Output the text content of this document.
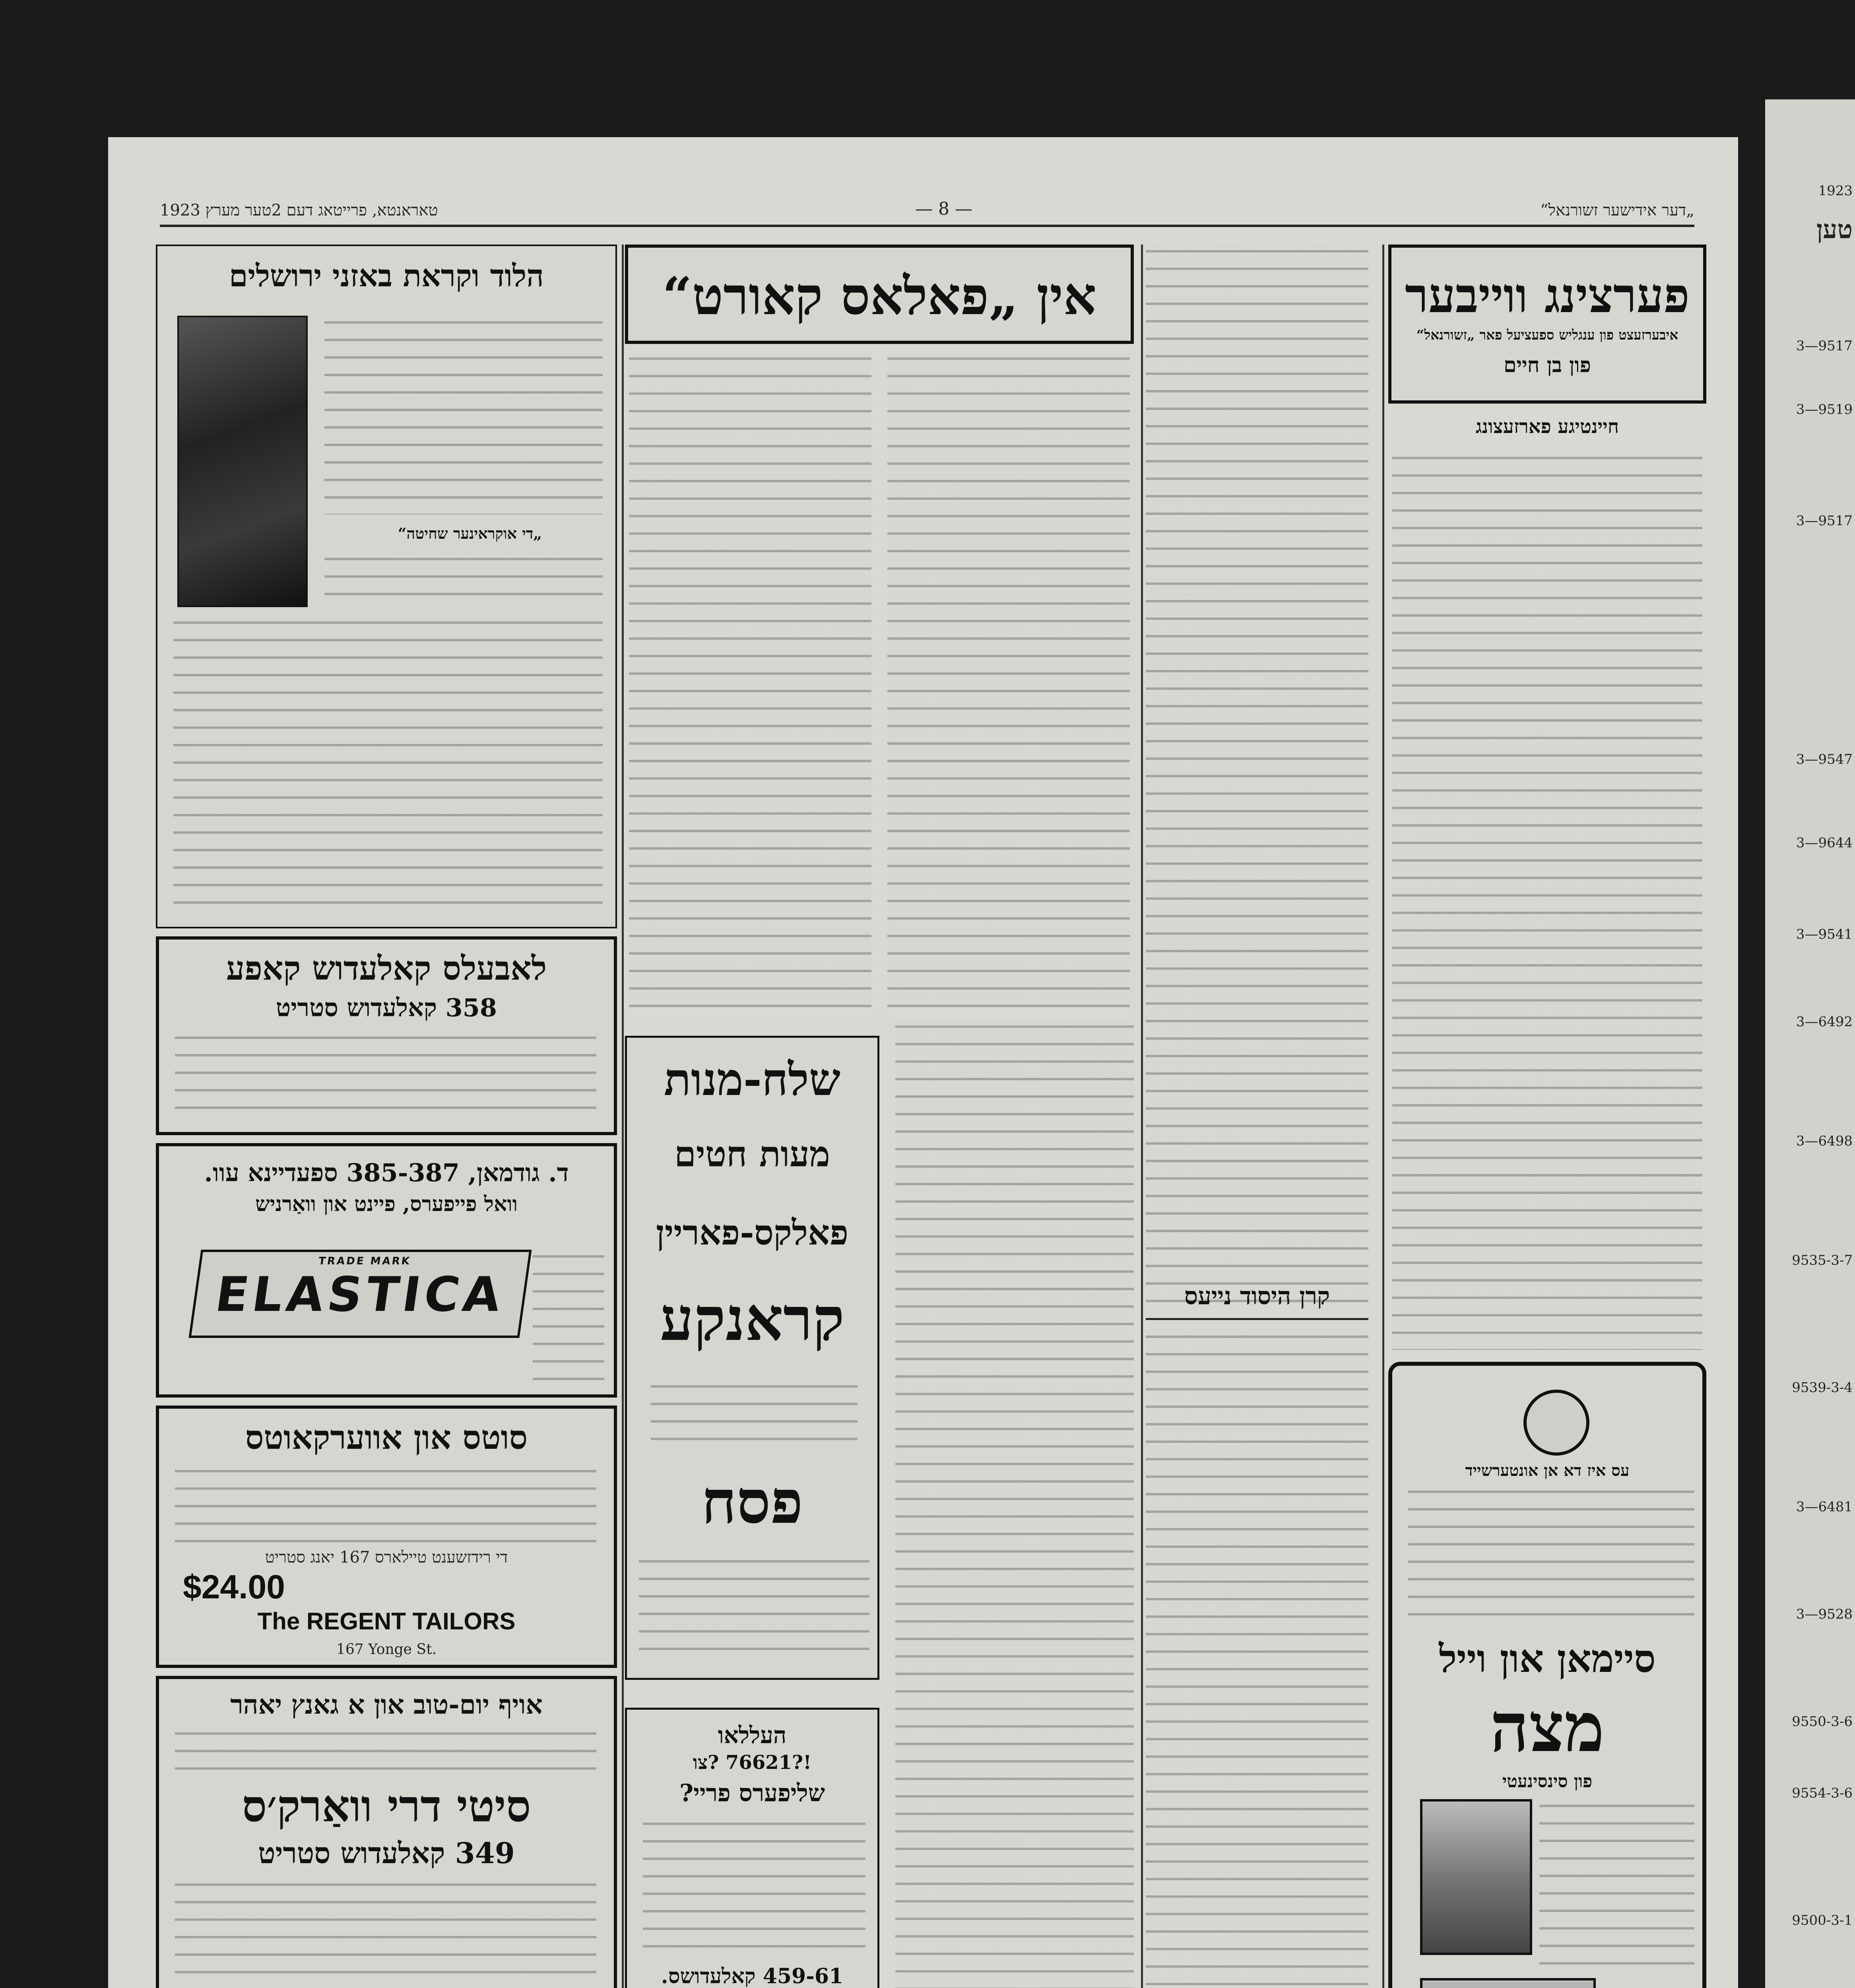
טאראנטא, פרייטאג דעם 2טער מערץ 1923	— 8 —	„דער אידישער זשורנאל“
הלוד וקראת באזני ירושלים
„די אוקראינער שחיטה“
לאבעלס קאלעדוש קאפע
358 קאלעדוש סטריט
ד. גודמאן, 385-387 ספעדיינא עוו.
וואל פייפערס, פיינט און וואַרניש
TRADE MARK
ELASTICA
סוטס און אווערקאוטס
די רידזשענט טיילארס 167 יאנג סטריט
$24.00
The REGENT TAILORS
167 Yonge St.
אויף יום-טוב און א גאנץ יאהר
סיטי דרי וואַרק׳ס
349 קאלעדוש סטריט
אין „פאלאס קאורט“
שלח-מנות
מעות חטים
פאלקס-פאריין
קראנקע
פסח
העללאו
!?76621 ?צו
שליפערס פריי?
459-61 קאלעדושס.
קרן היסוד נייעס
פערצינג ווייבער
איבערזעצט פון ענגליש ספעציעל פאר „זשורנאל“
פון בן חיים
חיינטיגע פארזעצונג
עס איז דא אן אונטערשייד
סיימאן און וייל
מצה
פון סינסינעטי
1923
טען
9517—3
9519—3
9517—3
9547—3
9644—3
9541—3
6492—3
6498—3
9535-3-7
9539-3-4
6481—3
9528—3
9550-3-6
9554-3-6
9500-3-1
